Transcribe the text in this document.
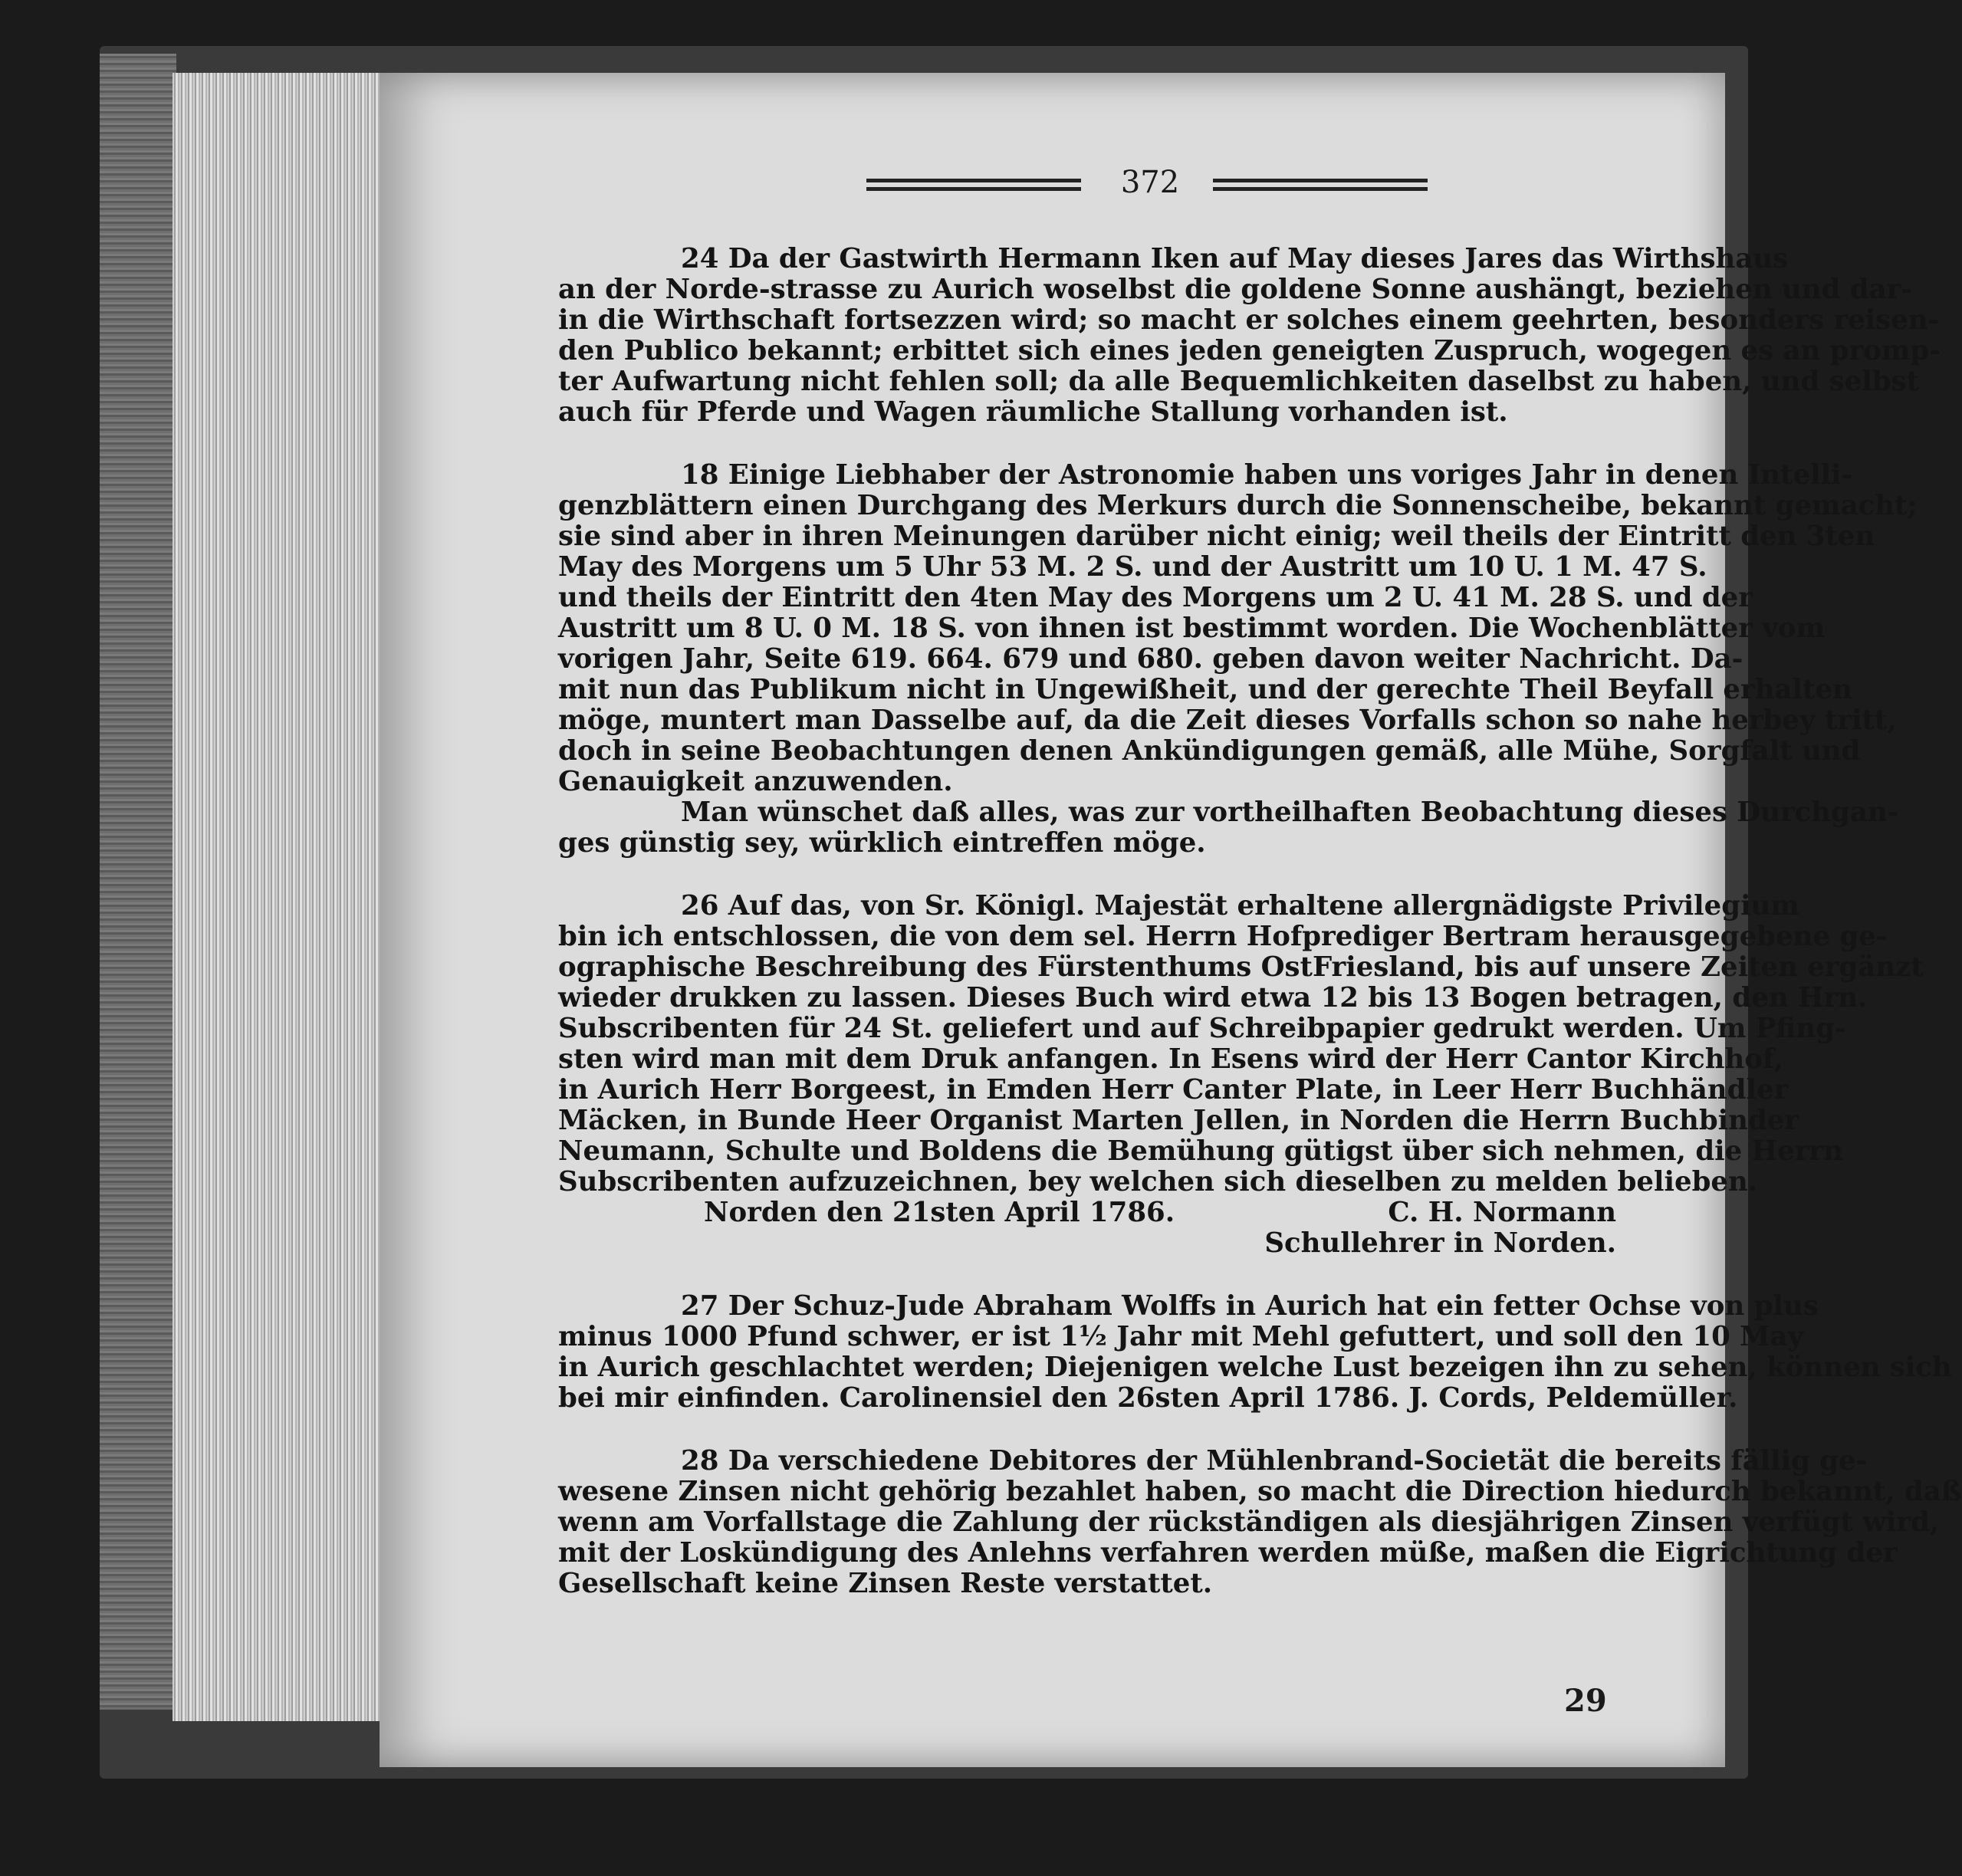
372
24 Da der Gastwirth Hermann Iken auf May dieses Jares das Wirthshaus
an der Norde-strasse zu Aurich woselbst die goldene Sonne aushängt, beziehen und dar-
in die Wirthschaft fortsezzen wird; so macht er solches einem geehrten, besonders reisen-
den Publico bekannt; erbittet sich eines jeden geneigten Zuspruch, wogegen es an promp-
ter Aufwartung nicht fehlen soll; da alle Bequemlichkeiten daselbst zu haben, und selbst
auch für Pferde und Wagen räumliche Stallung vorhanden ist.
18 Einige Liebhaber der Astronomie haben uns voriges Jahr in denen Intelli-
genzblättern einen Durchgang des Merkurs durch die Sonnenscheibe, bekannt gemacht;
sie sind aber in ihren Meinungen darüber nicht einig; weil theils der Eintritt den 3ten
May des Morgens um 5 Uhr 53 M. 2 S. und der Austritt um 10 U. 1 M. 47 S.
und theils der Eintritt den 4ten May des Morgens um 2 U. 41 M. 28 S. und der
Austritt um 8 U. 0 M. 18 S. von ihnen ist bestimmt worden. Die Wochenblätter vom
vorigen Jahr, Seite 619. 664. 679 und 680. geben davon weiter Nachricht. Da-
mit nun das Publikum nicht in Ungewißheit, und der gerechte Theil Beyfall erhalten
möge, muntert man Dasselbe auf, da die Zeit dieses Vorfalls schon so nahe herbey tritt,
doch in seine Beobachtungen denen Ankündigungen gemäß, alle Mühe, Sorgfalt und
Genauigkeit anzuwenden.
Man wünschet daß alles, was zur vortheilhaften Beobachtung dieses Durchgan-
ges günstig sey, würklich eintreffen möge.
26 Auf das, von Sr. Königl. Majestät erhaltene allergnädigste Privilegium
bin ich entschlossen, die von dem sel. Herrn Hofprediger Bertram herausgegebene ge-
ographische Beschreibung des Fürstenthums OstFriesland, bis auf unsere Zeiten ergänzt
wieder drukken zu lassen. Dieses Buch wird etwa 12 bis 13 Bogen betragen, den Hrn.
Subscribenten für 24 St. geliefert und auf Schreibpapier gedrukt werden. Um Pfing-
sten wird man mit dem Druk anfangen. In Esens wird der Herr Cantor Kirchhof,
in Aurich Herr Borgeest, in Emden Herr Canter Plate, in Leer Herr Buchhändler
Mäcken, in Bunde Heer Organist Marten Jellen, in Norden die Herrn Buchbinder
Neumann, Schulte und Boldens die Bemühung gütigst über sich nehmen, die Herrn
Subscribenten aufzuzeichnen, bey welchen sich dieselben zu melden belieben.
Norden den 21sten April 1786.	C. H. Normann
Schullehrer in Norden.
27 Der Schuz-Jude Abraham Wolffs in Aurich hat ein fetter Ochse von plus
minus 1000 Pfund schwer, er ist 1½ Jahr mit Mehl gefuttert, und soll den 10 May
in Aurich geschlachtet werden; Diejenigen welche Lust bezeigen ihn zu sehen, können sich
bei mir einfinden. Carolinensiel den 26sten April 1786. J. Cords, Peldemüller.
28 Da verschiedene Debitores der Mühlenbrand-Societät die bereits fällig ge-
wesene Zinsen nicht gehörig bezahlet haben, so macht die Direction hiedurch bekannt, daß
wenn am Vorfallstage die Zahlung der rückständigen als diesjährigen Zinsen verfügt wird,
mit der Loskündigung des Anlehns verfahren werden müße, maßen die Eigrichtung der
Gesellschaft keine Zinsen Reste verstattet.
29
